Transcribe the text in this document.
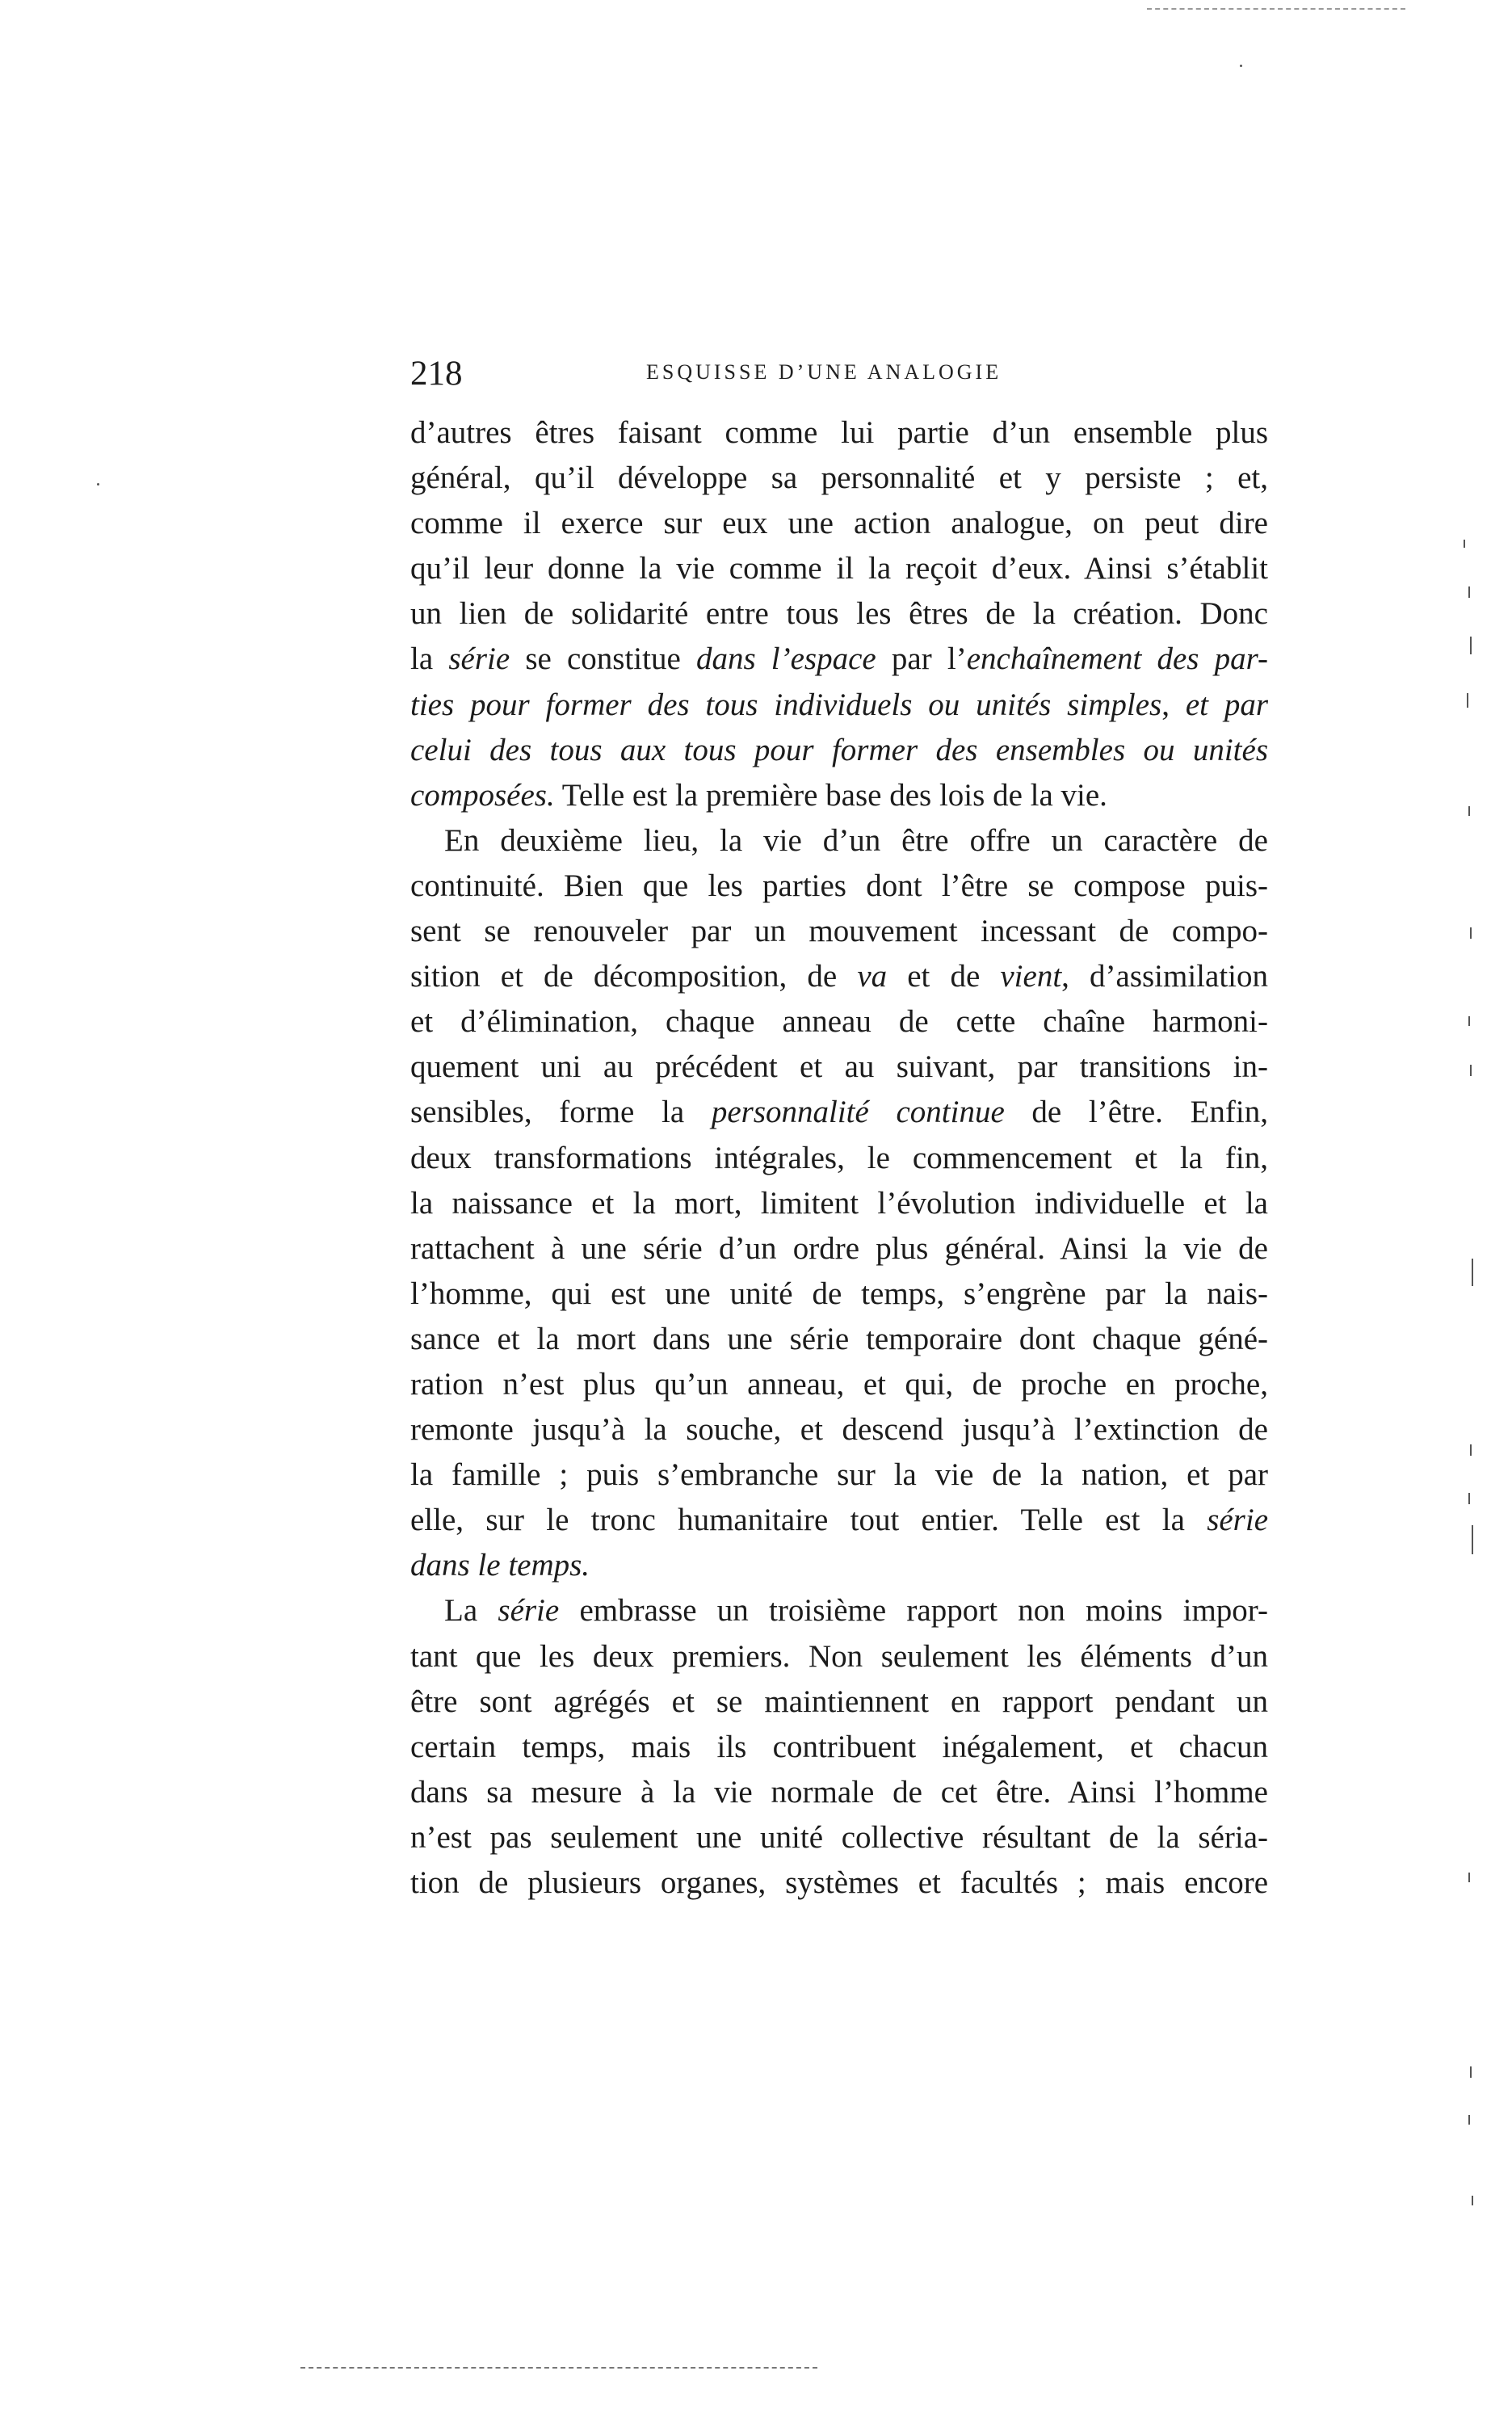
218	ESQUISSE D’UNE ANALOGIE
d’autres êtres faisant comme lui partie d’un ensemble plus
général, qu’il développe sa personnalité et y persiste ; et,
comme il exerce sur eux une action analogue, on peut dire
qu’il leur donne la vie comme il la reçoit d’eux. Ainsi s’établit
un lien de solidarité entre tous les êtres de la création. Donc
la série se constitue dans l’espace par l’enchaînement des par-
ties pour former des tous individuels ou unités simples, et par
celui des tous aux tous pour former des ensembles ou unités
composées. Telle est la première base des lois de la vie.
En deuxième lieu, la vie d’un être offre un caractère de
continuité. Bien que les parties dont l’être se compose puis-
sent se renouveler par un mouvement incessant de compo-
sition et de décomposition, de va et de vient, d’assimilation
et d’élimination, chaque anneau de cette chaîne harmoni-
quement uni au précédent et au suivant, par transitions in-
sensibles, forme la personnalité continue de l’être. Enfin,
deux transformations intégrales, le commencement et la fin,
la naissance et la mort, limitent l’évolution individuelle et la
rattachent à une série d’un ordre plus général. Ainsi la vie de
l’homme, qui est une unité de temps, s’engrène par la nais-
sance et la mort dans une série temporaire dont chaque géné-
ration n’est plus qu’un anneau, et qui, de proche en proche,
remonte jusqu’à la souche, et descend jusqu’à l’extinction de
la famille ; puis s’embranche sur la vie de la nation, et par
elle, sur le tronc humanitaire tout entier. Telle est la série
dans le temps.
La série embrasse un troisième rapport non moins impor-
tant que les deux premiers. Non seulement les éléments d’un
être sont agrégés et se maintiennent en rapport pendant un
certain temps, mais ils contribuent inégalement, et chacun
dans sa mesure à la vie normale de cet être. Ainsi l’homme
n’est pas seulement une unité collective résultant de la séria-
tion de plusieurs organes, systèmes et facultés ; mais encore
